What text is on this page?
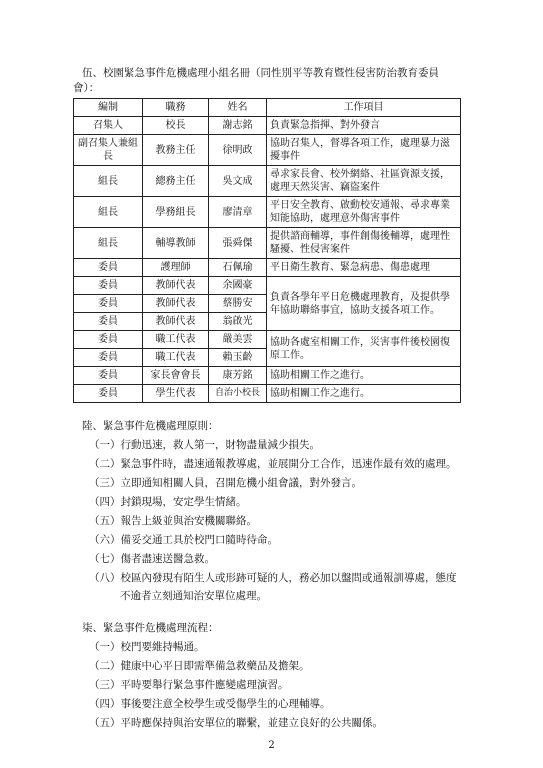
伍、校園緊急事件危機處理小組名冊（同性別平等教育暨性侵害防治教育委員
會）：
編制	職務	姓名	工作項目
召集人	校長	謝志銘	負責緊急指揮、對外發言
副召集人兼組長	教務主任	徐明政	協助召集人，督導各項工作，處理暴力滋擾事件
組長	總務主任	吳文成	尋求家長會、校外網絡、社區資源支援，處理天然災害、竊盜案件
組長	學務組長	廖清章	平日安全教育、啟動校安通報、尋求專業知能協助，處理意外傷害事件
組長	輔導教師	張舜傑	提供諮商輔導，事件創傷後輔導，處理性騷擾、性侵害案件
委員	護理師	石佩瑜	平日衛生教育、緊急病患、傷患處理
委員	教師代表	余國豪	負責各學年平日危機處理教育，及提供學年協助聯絡事宜，協助支援各項工作。
委員	教師代表	蔡勝安	
委員	教師代表	翁啟光	
委員	職工代表	嚴美雲	協助各處室相關工作，災害事件後校園復原工作。
委員	職工代表	賴玉齡	
委員	家長會會長	康芳銘	協助相關工作之進行。
委員	學生代表	自治小校長	協助相關工作之進行。
陸、緊急事件危機處理原則：
（一）行動迅速，救人第一，財物盡量減少損失。
（二）緊急事件時，盡速通報教導處，並展開分工合作，迅速作最有效的處理。
（三）立即通知相關人員，召開危機小組會議，對外發言。
（四）封鎖現場，安定學生情緒。
（五）報告上級並與治安機關聯絡。
（六）備妥交通工具於校門口隨時待命。
（七）傷者盡速送醫急救。
（八）校區內發現有陌生人或形跡可疑的人，務必加以盤問或通報訓導處，態度
不逾者立刻通知治安單位處理。
柒、緊急事件危機處理流程：
（一）校門要維持暢通。
（二）健康中心平日即需準備急救藥品及擔架。
（三）平時要舉行緊急事件應變處理演習。
（四）事後要注意全校學生或受傷學生的心理輔導。
（五）平時應保持與治安單位的聯繫，並建立良好的公共關係。
2
